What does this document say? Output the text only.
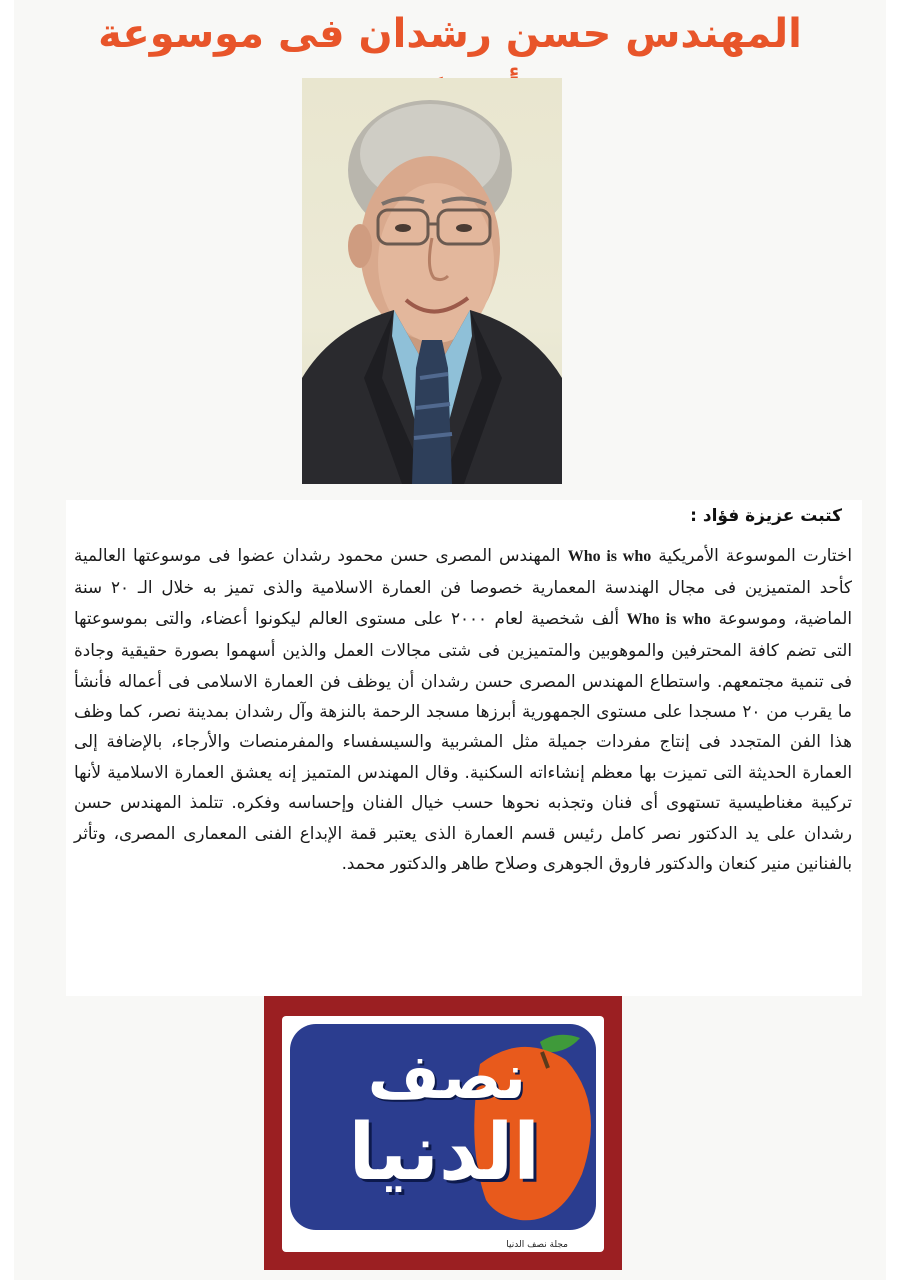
المهندس حسن رشدان فى موسوعة
كتبت عزيزة فؤاد :
اختارت الموسوعة الأمريكية Who is who المهندس المصرى حسن محمود رشدان عضوا فى موسوعتها العالمية كأحد المتميزين فى مجال الهندسة المعمارية خصوصا فن العمارة الاسلامية والذى تميز به خلال الـ ٢٠ سنة الماضية، وموسوعة Who is who ألف شخصية لعام ٢٠٠٠ على مستوى العالم ليكونوا أعضاء، والتى بموسوعتها التى تضم كافة المحترفين والموهوبين والمتميزين فى شتى مجالات العمل والذين أسهموا بصورة حقيقية وجادة فى تنمية مجتمعهم. واستطاع المهندس المصرى حسن رشدان أن يوظف فن العمارة الاسلامى فى أعماله فأنشأ ما يقرب من ٢٠ مسجدا على مستوى الجمهورية أبرزها مسجد الرحمة بالنزهة وآل رشدان بمدينة نصر، كما وظف هذا الفن المتجدد فى إنتاج مفردات جميلة مثل المشربية والسيسفساء والمفرمنصات والأرجاء، بالإضافة إلى العمارة الحديثة التى تميزت بها معظم إنشاءاته السكنية. وقال المهندس المتميز إنه يعشق العمارة الاسلامية لأنها تركيبة مغناطيسية تستهوى أى فنان وتجذبه نحوها حسب خيال الفنان وإحساسه وفكره. تتلمذ المهندس حسن رشدان على يد الدكتور نصر كامل رئيس قسم العمارة الذى يعتبر قمة الإبداع الفنى المعمارى المصرى، وتأثر بالفنانين منير كنعان والدكتور فاروق الجوهرى وصلاح طاهر والدكتور محمد.
نصف
الدنيا
مجلة نصف الدنيا
